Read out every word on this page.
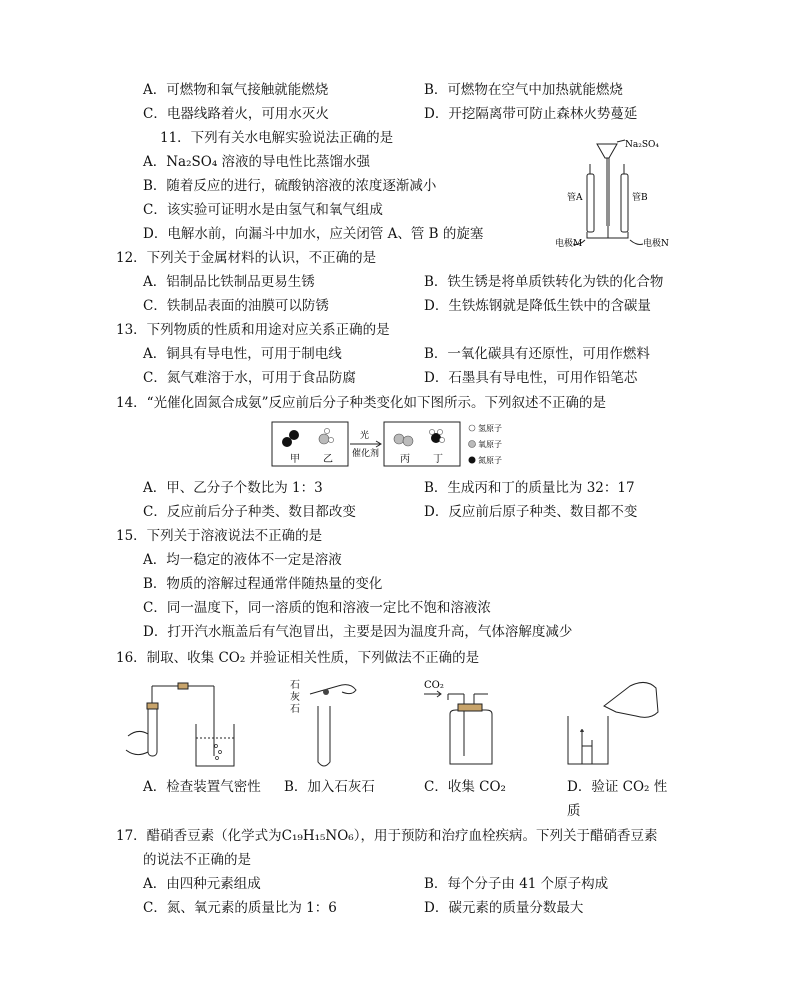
A．可燃物和氧气接触就能燃烧	B．可燃物在空气中加热就能燃烧
C．电器线路着火，可用水灭火	D．开挖隔离带可防止森林火势蔓延
11．下列有关水电解实验说法正确的是
A．Na₂SO₄ 溶液的导电性比蒸馏水强
B．随着反应的进行，硫酸钠溶液的浓度逐渐减小
C．该实验可证明水是由氢气和氧气组成
D．电解水前，向漏斗中加水，应关闭管 A、管 B 的旋塞
Na₂SO₄
管A	管B
电极M	电极N
12．下列关于金属材料的认识，不正确的是
A．铝制品比铁制品更易生锈	B．铁生锈是将单质铁转化为铁的化合物
C．铁制品表面的油膜可以防锈	D．生铁炼钢就是降低生铁中的含碳量
13．下列物质的性质和用途对应关系正确的是
A．铜具有导电性，可用于制电线	B．一氧化碳具有还原性，可用作燃料
C．氮气难溶于水，可用于食品防腐	D．石墨具有导电性，可用作铅笔芯
14．“光催化固氮合成氨”反应前后分子种类变化如下图所示。下列叙述不正确的是
甲 乙
光
催化剂 丙 丁
氢原子
氧原子
氮原子
A．甲、乙分子个数比为 1：3	B．生成丙和丁的质量比为 32：17
C．反应前后分子种类、数目都改变	D．反应前后原子种类、数目都不变
15．下列关于溶液说法不正确的是
A．均一稳定的液体不一定是溶液
B．物质的溶解过程通常伴随热量的变化
C．同一温度下，同一溶质的饱和溶液一定比不饱和溶液浓
D．打开汽水瓶盖后有气泡冒出，主要是因为温度升高，气体溶解度减少
16．制取、收集 CO₂ 并验证相关性质，下列做法不正确的是
石
灰
石
CO₂
A．检查装置气密性 B．加入石灰石	C．收集 CO₂	D．验证 CO₂ 性
质
17．醋硝香豆素（化学式为C₁₉H₁₅NO₆），用于预防和治疗血栓疾病。下列关于醋硝香豆素
的说法不正确的是
A．由四种元素组成	B．每个分子由 41 个原子构成
C．氮、氧元素的质量比为 1：6	D．碳元素的质量分数最大
